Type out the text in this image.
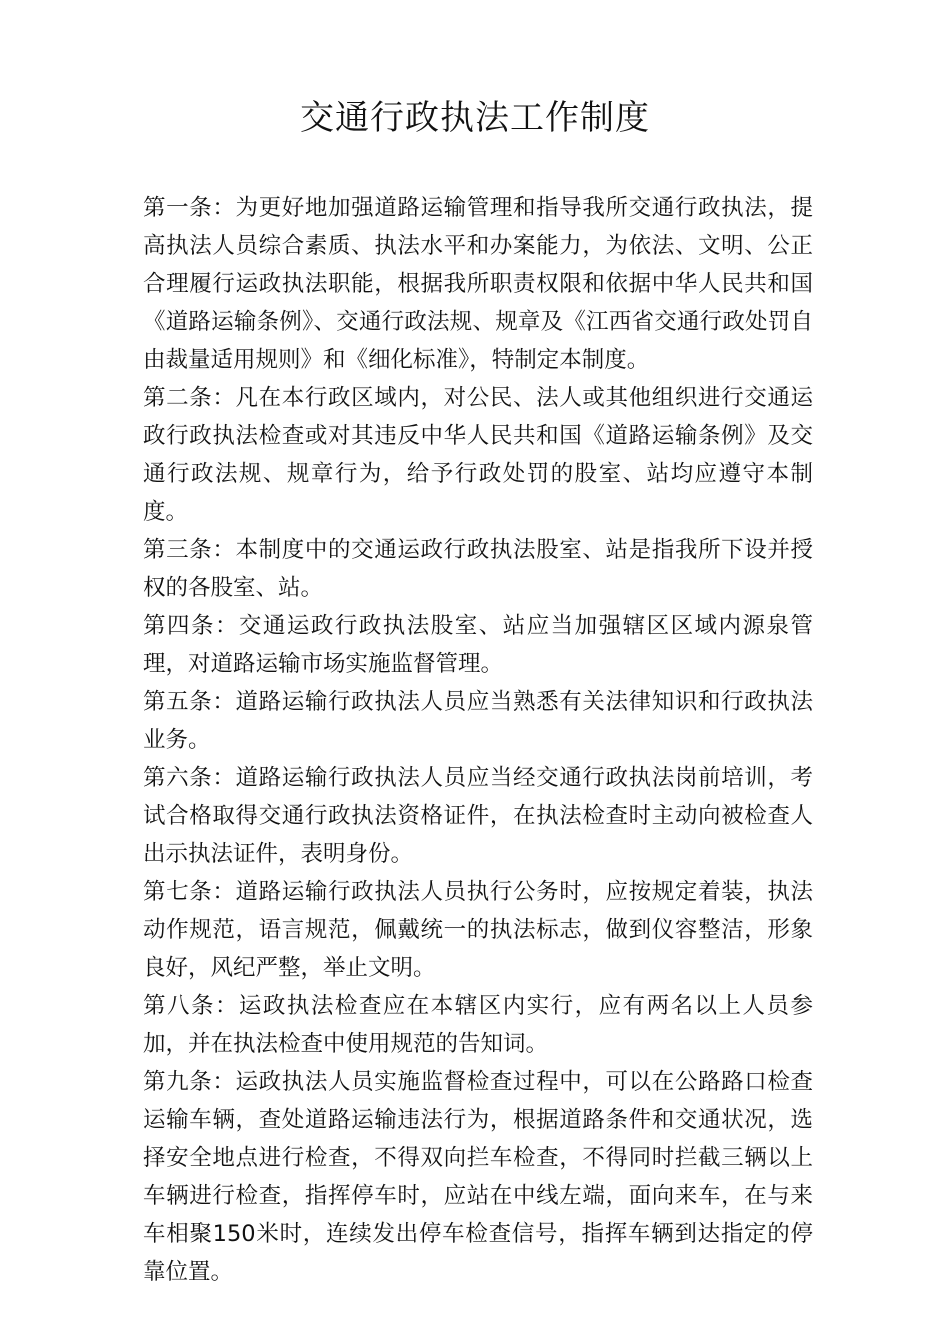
交通行政执法工作制度

第一条：为更好地加强道路运输管理和指导我所交通行政执法，提高执法人员综合素质、执法水平和办案能力，为依法、文明、公正合理履行运政执法职能，根据我所职责权限和依据中华人民共和国《道路运输条例》、交通行政法规、规章及《江西省交通行政处罚自由裁量适用规则》和《细化标准》，特制定本制度。

第二条：凡在本行政区域内，对公民、法人或其他组织进行交通运政行政执法检查或对其违反中华人民共和国《道路运输条例》及交通行政法规、规章行为，给予行政处罚的股室、站均应遵守本制度。

第三条：本制度中的交通运政行政执法股室、站是指我所下设并授权的各股室、站。

第四条：交通运政行政执法股室、站应当加强辖区区域内源泉管理，对道路运输市场实施监督管理。

第五条：道路运输行政执法人员应当熟悉有关法律知识和行政执法业务。

第六条：道路运输行政执法人员应当经交通行政执法岗前培训，考试合格取得交通行政执法资格证件，在执法检查时主动向被检查人出示执法证件，表明身份。

第七条：道路运输行政执法人员执行公务时，应按规定着装，执法动作规范，语言规范，佩戴统一的执法标志，做到仪容整洁，形象良好，风纪严整，举止文明。

第八条：运政执法检查应在本辖区内实行，应有两名以上人员参加，并在执法检查中使用规范的告知词。

第九条：运政执法人员实施监督检查过程中，可以在公路路口检查运输车辆，查处道路运输违法行为，根据道路条件和交通状况，选择安全地点进行检查，不得双向拦车检查，不得同时拦截三辆以上车辆进行检查，指挥停车时，应站在中线左端，面向来车，在与来车相聚150米时，连续发出停车检查信号，指挥车辆到达指定的停靠位置。
